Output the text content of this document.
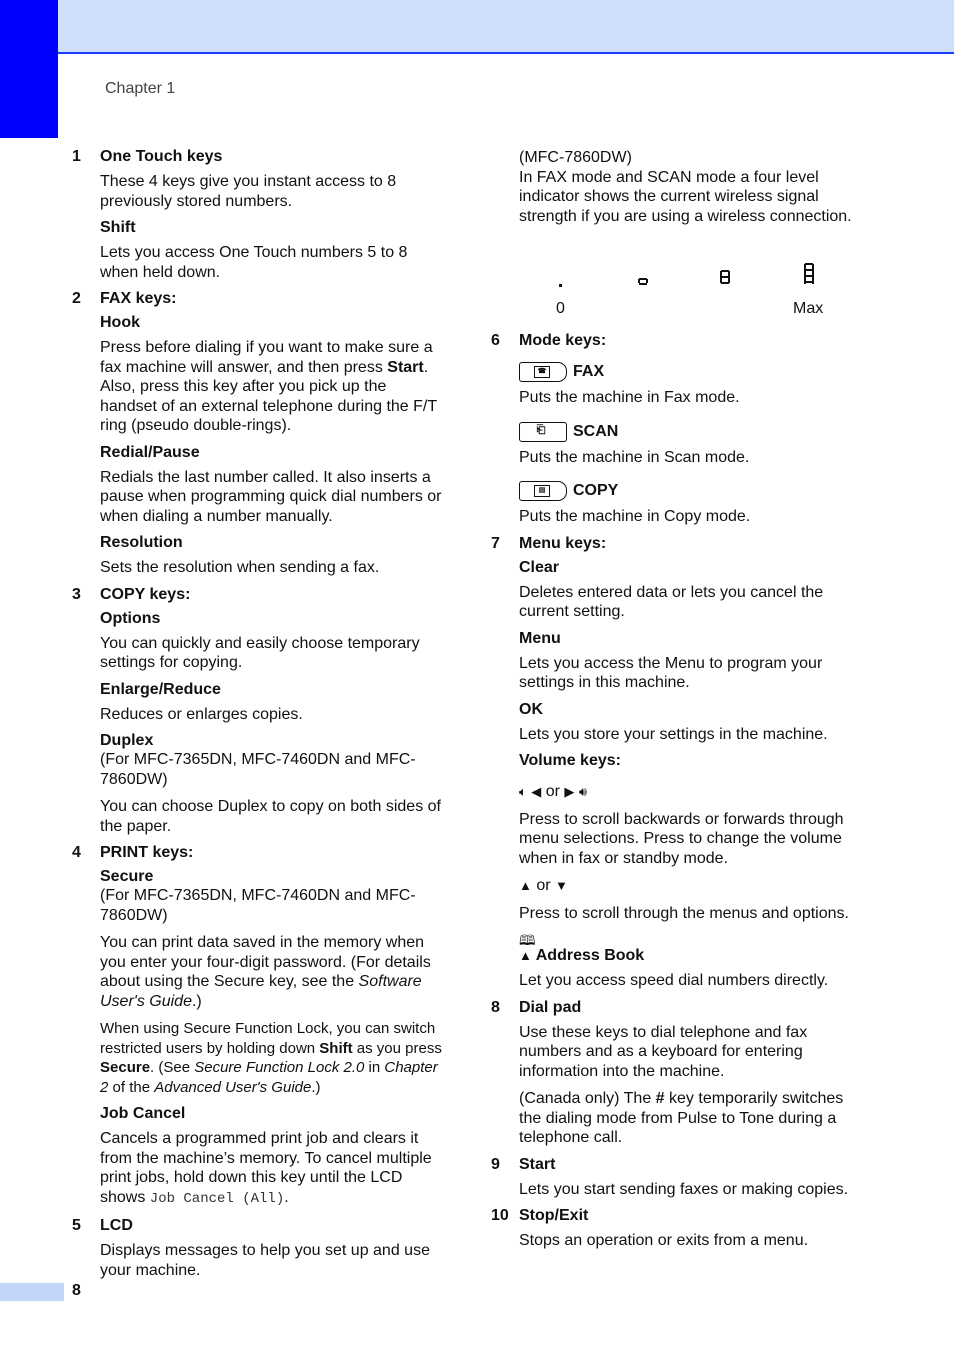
Chapter 1
1 One Touch keys

These 4 keys give you instant access to 8 previously stored numbers.

Shift

Lets you access One Touch numbers 5 to 8 when held down.

2 FAX keys:
Hook

Press before dialing if you want to make sure a fax machine will answer, and then press Start. Also, press this key after you pick up the handset of an external telephone during the F/T ring (pseudo double-rings).

Redial/Pause

Redials the last number called. It also inserts a pause when programming quick dial numbers or when dialing a number manually.

Resolution

Sets the resolution when sending a fax.

3 COPY keys:
Options

You can quickly and easily choose temporary settings for copying.

Enlarge/Reduce

Reduces or enlarges copies.

Duplex

(For MFC-7365DN, MFC-7460DN and MFC-7860DW)

You can choose Duplex to copy on both sides of the paper.

4 PRINT keys:
Secure

(For MFC-7365DN, MFC-7460DN and MFC-7860DW)

You can print data saved in the memory when you enter your four-digit password. (For details about using the Secure key, see the Software User's Guide.)

When using Secure Function Lock, you can switch restricted users by holding down Shift as you press Secure. (See Secure Function Lock 2.0 in Chapter 2 of the Advanced User's Guide.)

Job Cancel

Cancels a programmed print job and clears it from the machine’s memory. To cancel multiple print jobs, hold down this key until the LCD shows Job Cancel (All).

5 LCD

Displays messages to help you set up and use your machine.

(MFC-7860DW)

In FAX mode and SCAN mode a four level indicator shows the current wireless signal strength if you are using a wireless connection.

0	Max
6 Mode keys:
☎ FAX

Puts the machine in Fax mode.

⎗ SCAN

Puts the machine in Scan mode.

▤ COPY

Puts the machine in Copy mode.

7 Menu keys:
Clear

Deletes entered data or lets you cancel the current setting.

Menu

Lets you access the Menu to program your settings in this machine.

OK

Lets you store your settings in the machine.

Volume keys:

🔈︎ ◀ or ▶ 🔊︎

Press to scroll backwards or forwards through menu selections. Press to change the volume when in fax or standby mode.

▲ or ▼

Press to scroll through the menus and options.

🕮︎
▲ Address Book

Let you access speed dial numbers directly.

8 Dial pad

Use these keys to dial telephone and fax numbers and as a keyboard for entering information into the machine.

(Canada only) The # key temporarily switches the dialing mode from Pulse to Tone during a telephone call.

9 Start

Lets you start sending faxes or making copies.

10 Stop/Exit

Stops an operation or exits from a menu.

8
